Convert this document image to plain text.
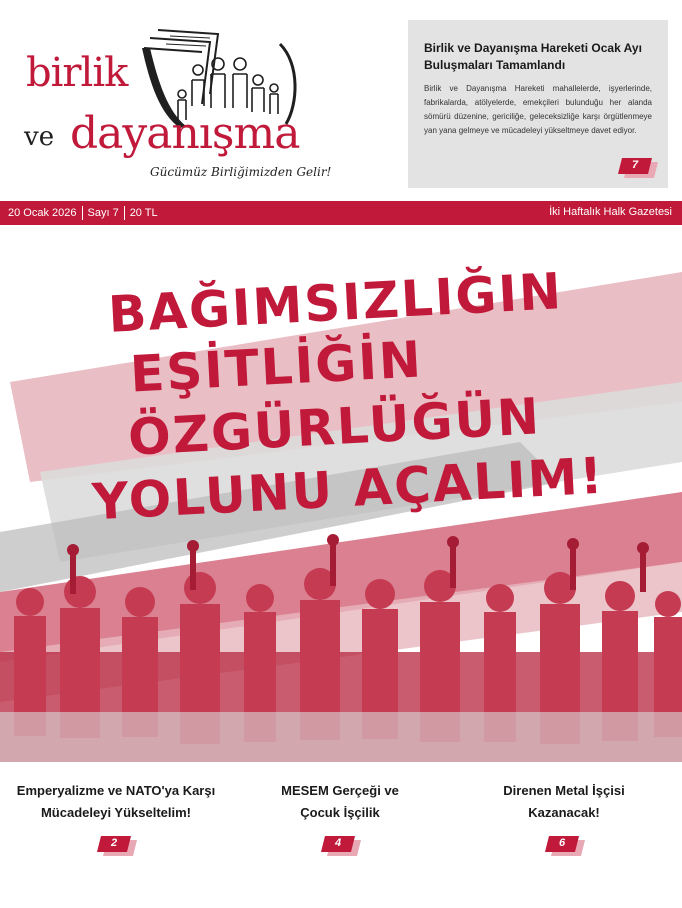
birlik
ve dayanışma
Gücümüz Birliğimizden Gelir!
Birlik ve Dayanışma Hareketi Ocak Ayı Buluşmaları Tamamlandı

Birlik ve Dayanışma Hareketi mahallelerde, işyerlerinde, fabrikalarda, atölyelerde, emekçileri bulunduğu her alanda sömürü düzenine, gericiliğe, geleceksizliğe karşı örgütlenmeye yan yana gelmeye ve mücadeleyi yükseltmeye davet ediyor.

7
20 Ocak 2026 Sayı 7 20 TL	İki Haftalık Halk Gazetesi
BAĞIMSIZLIĞIN
EŞİTLİĞİN
ÖZGÜRLÜĞÜN
YOLUNU AÇALIM!
Emperyalizme ve NATO'ya Karşı
Mücadeleyi Yükseltelim!
2
MESEM Gerçeği ve
Çocuk İşçilik
4
Direnen Metal İşçisi
Kazanacak!
6
